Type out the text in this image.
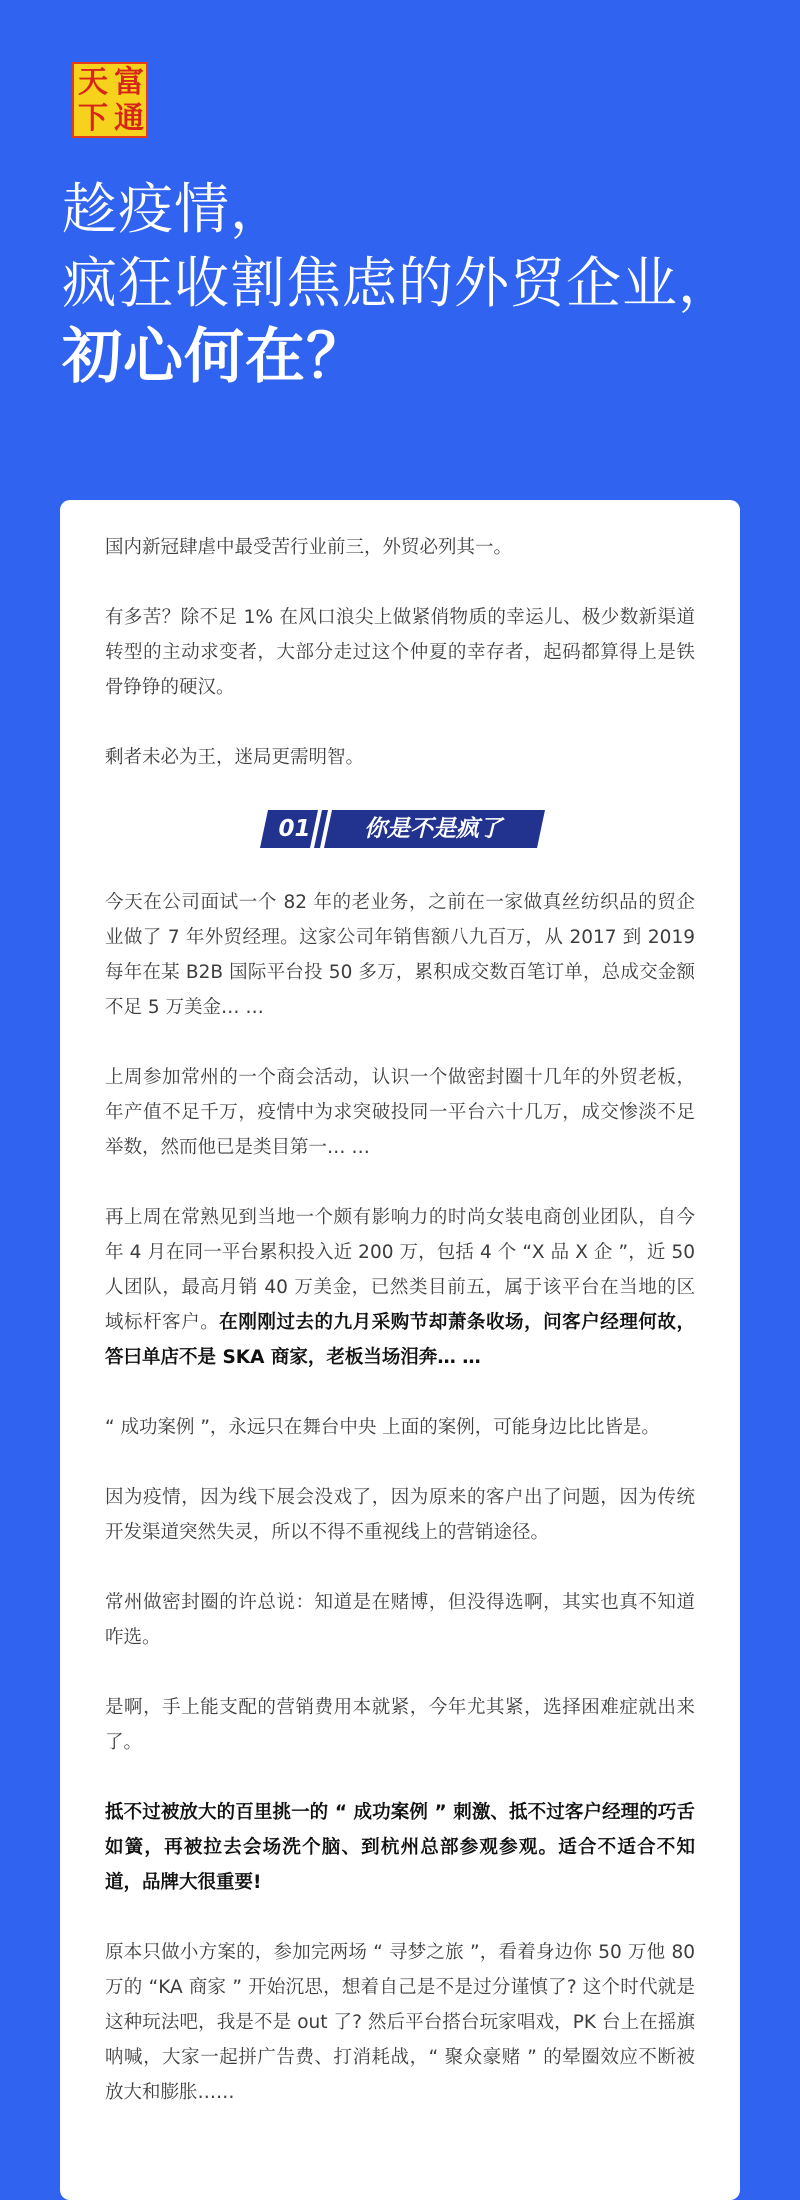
天 富
下 通
趁疫情，
疯狂收割焦虑的外贸企业，
初心何在？

国内新冠肆虐中最受苦行业前三，外贸必列其一。

有多苦？除不足 1% 在风口浪尖上做紧俏物质的幸运儿、极少数新渠道转型的主动求变者，大部分走过这个仲夏的幸存者，起码都算得上是铁骨铮铮的硬汉。

剩者未必为王，迷局更需明智。

01	你是不是疯了

今天在公司面试一个 82 年的老业务，之前在一家做真丝纺织品的贸企业做了 7 年外贸经理。这家公司年销售额八九百万，从 2017 到 2019 每年在某 B2B 国际平台投 50 多万，累积成交数百笔订单，总成交金额不足 5 万美金… …

上周参加常州的一个商会活动，认识一个做密封圈十几年的外贸老板，年产值不足千万，疫情中为求突破投同一平台六十几万，成交惨淡不足举数，然而他已是类目第一… …

再上周在常熟见到当地一个颇有影响力的时尚女装电商创业团队，自今年 4 月在同一平台累积投入近 200 万，包括 4 个 “X 品 X 企 ”，近 50 人团队，最高月销 40 万美金，已然类目前五，属于该平台在当地的区域标杆客户。在刚刚过去的九月采购节却萧条收场，问客户经理何故，答曰单店不是 SKA 商家，老板当场泪奔… …

“ 成功案例 ”，永远只在舞台中央 上面的案例，可能身边比比皆是。

因为疫情，因为线下展会没戏了，因为原来的客户出了问题，因为传统开发渠道突然失灵，所以不得不重视线上的营销途径。

常州做密封圈的许总说：知道是在赌博，但没得选啊，其实也真不知道咋选。

是啊，手上能支配的营销费用本就紧，今年尤其紧，选择困难症就出来了。

抵不过被放大的百里挑一的 “ 成功案例 ” 刺激、抵不过客户经理的巧舌如簧，再被拉去会场洗个脑、到杭州总部参观参观。适合不适合不知道，品牌大很重要!

原本只做小方案的，参加完两场 “ 寻梦之旅 ”，看着身边你 50 万他 80 万的 “KA 商家 ” 开始沉思，想着自己是不是过分谨慎了? 这个时代就是这种玩法吧，我是不是 out 了? 然后平台搭台玩家唱戏，PK 台上在摇旗呐喊，大家一起拼广告费、打消耗战，“ 聚众豪赌 ” 的晕圈效应不断被放大和膨胀……
